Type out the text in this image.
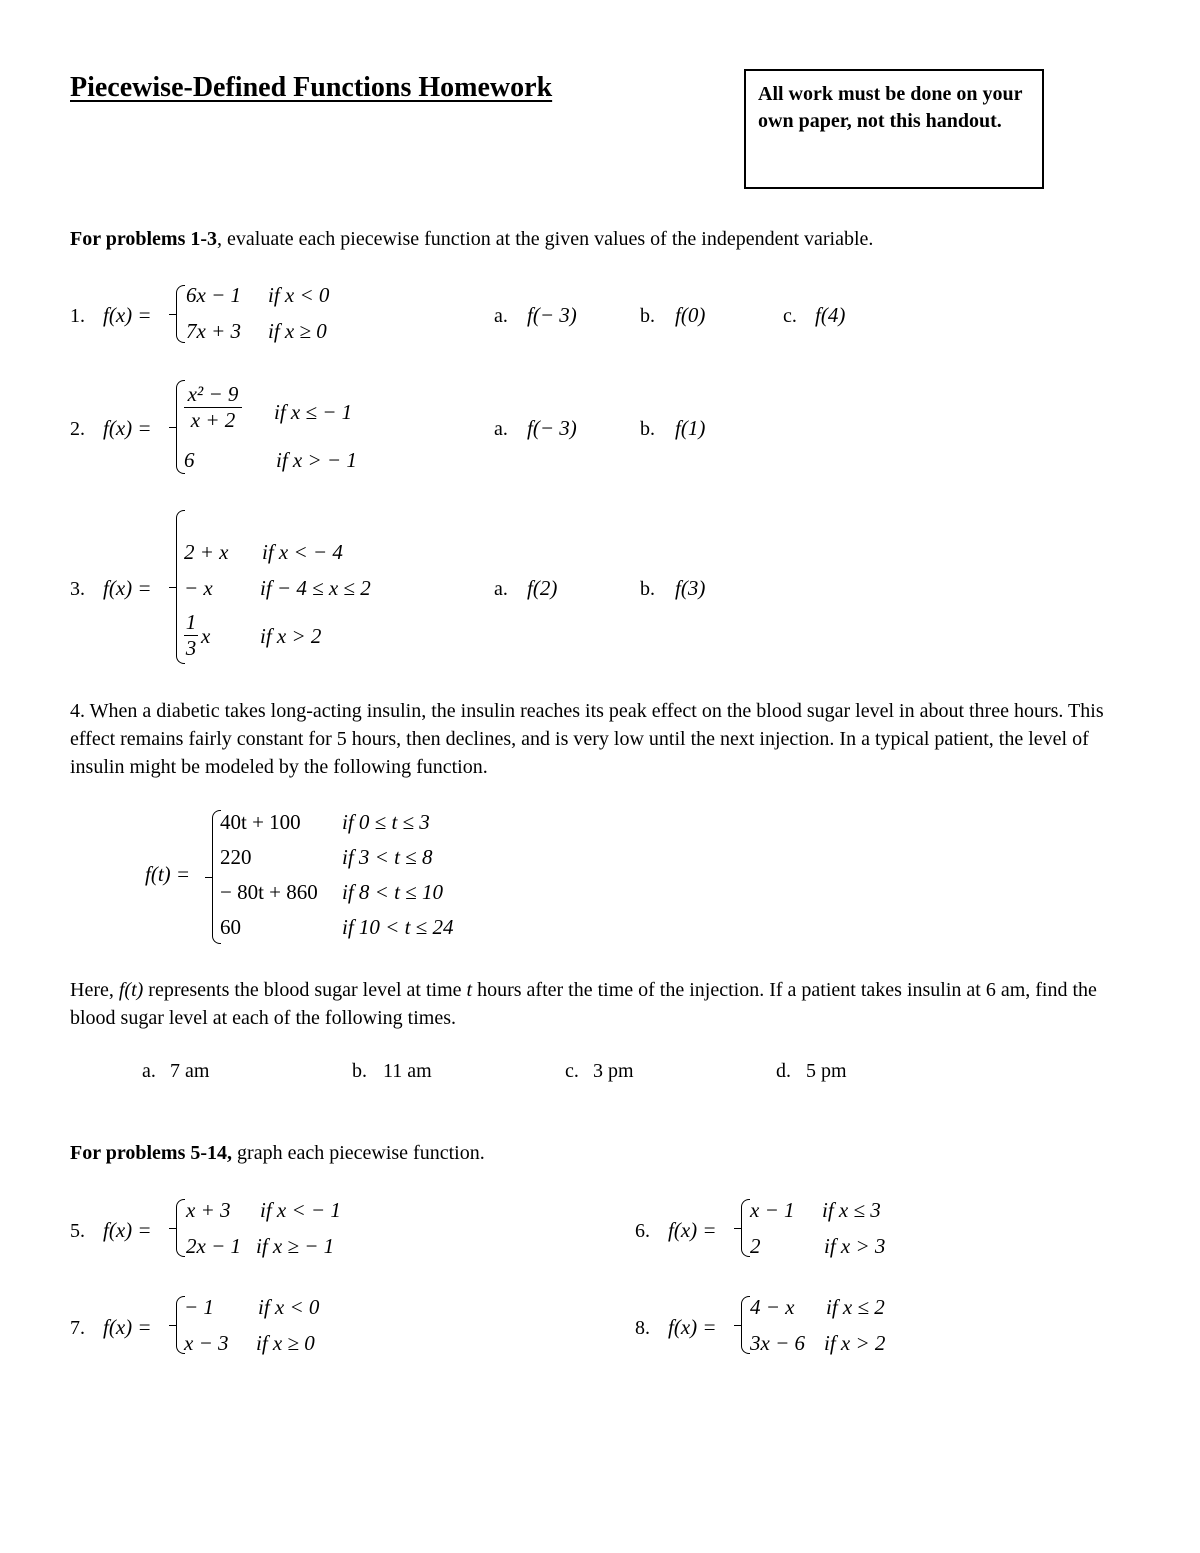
Piecewise-Defined Functions Homework	All work must be done on your own paper, not this handout.
For problems 1-3, evaluate each piecewise function at the given values of the independent variable.
1. f(x) =
6x − 1 if x < 0
7x + 3 if x ≥ 0
a. f(− 3)	b. f(0)	c. f(4)
2. $f(x) = \frac{\text{x² − 9}}{x + 2}$ if x ≤ − 1
6	if x > − 1
a. f(− 3)	b. f(1)
3. f(x) =
2 + x if x < − 4
− x if − 4 ≤ x ≤ 2
$\frac{1}{3}$ x if x > 2
a. f(2)	b. f(3)
4. When a diabetic takes long-acting insulin, the insulin reaches its peak effect on the blood sugar level in about three hours. This effect remains fairly constant for 5 hours, then declines, and is very low until the next injection. In a typical patient, the level of insulin might be modeled by the following function.
f(t) =
40t + 100 if 0 ≤ t ≤ 3
220	if 3 < t ≤ 8
− 80t + 860 if 8 < t ≤ 10
60	if 10 < t ≤ 24
Here, f(t) represents the blood sugar level at time t hours after the time of the injection. If a patient takes insulin at 6 am, find the blood sugar level at each of the following times.
a. 7 am	b. 11 am	c. 3 pm	d. 5 pm
For problems 5-14, graph each piecewise function.
5. f(x) =
x + 3 if x < − 1
2x − 1 if x ≥ − 1
6. f(x) =
x − 1 if x ≤ 3
2	if x > 3
7. f(x) =
− 1 if x < 0
x − 3 if x ≥ 0
8. f(x) =
4 − x if x ≤ 2
3x − 6 if x > 2
